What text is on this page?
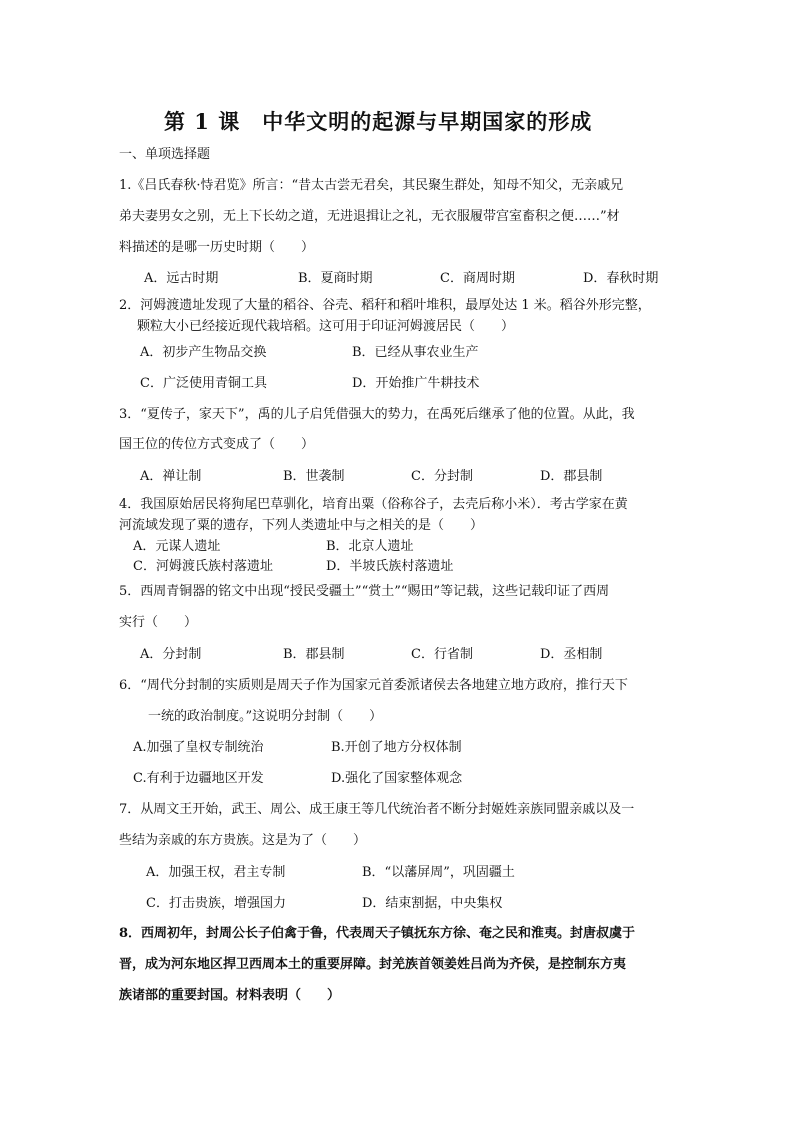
第 1 课　中华文明的起源与早期国家的形成
一、单项选择题
1.《吕氏春秋·恃君览》所言：“昔太古尝无君矣，其民聚生群处，知母不知父，无亲戚兄
弟夫妻男女之别，无上下长幼之道，无进退揖让之礼，无衣服履带宫室畜积之便……”材
料描述的是哪一历史时期（　　）
A．远古时期	B．夏商时期	C．商周时期	D．春秋时期
2．河姆渡遗址发现了大量的稻谷、谷壳、稻秆和稻叶堆积，最厚处达 1 米。稻谷外形完整，
颗粒大小已经接近现代栽培稻。这可用于印证河姆渡居民（　　）
A．初步产生物品交换	B．已经从事农业生产
C．广泛使用青铜工具	D．开始推广牛耕技术
3．“夏传子，家天下”，禹的儿子启凭借强大的势力，在禹死后继承了他的位置。从此，我
国王位的传位方式变成了（　　）
A．禅让制	B．世袭制	C．分封制	D．郡县制
4．我国原始居民将狗尾巴草驯化，培育出粟（俗称谷子，去壳后称小米）．考古学家在黄
河流域发现了粟的遗存，下列人类遗址中与之相关的是（　　）
A．元谋人遗址	B．北京人遗址
C．河姆渡氏族村落遗址	D．半坡氏族村落遗址
5．西周青铜器的铭文中出现“授民受疆土”“赏土”“赐田”等记载，这些记载印证了西周
实行（　　）
A．分封制	B．郡县制	C．行省制	D．丞相制
6．“周代分封制的实质则是周天子作为国家元首委派诸侯去各地建立地方政府，推行天下
一统的政治制度。”这说明分封制（　　）
A.加强了皇权专制统治	B.开创了地方分权体制
C.有利于边疆地区开发	D.强化了国家整体观念
7．从周文王开始，武王、周公、成王康王等几代统治者不断分封姬姓亲族同盟亲戚以及一
些结为亲戚的东方贵族。这是为了（　　）
A．加强王权，君主专制	B．“以藩屏周”，巩固疆土
C．打击贵族，增强国力	D．结束割据，中央集权
8．西周初年，封周公长子伯禽于鲁，代表周天子镇抚东方徐、奄之民和淮夷。封唐叔虞于
晋，成为河东地区捍卫西周本土的重要屏障。封羌族首领姜姓吕尚为齐侯，是控制东方夷
族诸部的重要封国。材料表明（　　）
